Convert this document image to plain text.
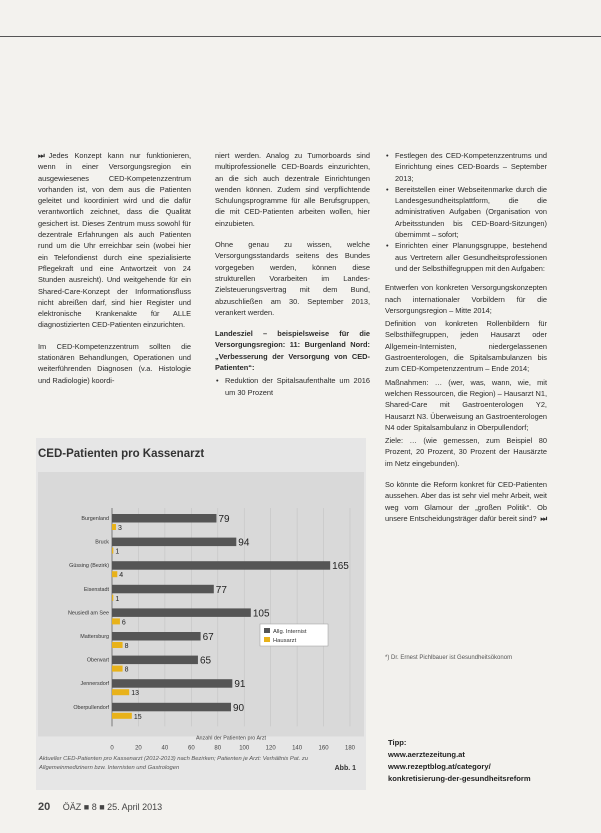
⏭ Jedes Konzept kann nur funktionieren, wenn in einer Versorgungsregion ein ausgewiesenes CED-Kompetenzzentrum vorhanden ist, von dem aus die Patienten geleitet und koordiniert wird und die dafür verantwortlich zeichnet, dass die Qualität gesichert ist. Dieses Zentrum muss sowohl für dezentrale Erfahrungen als auch Patienten rund um die Uhr erreichbar sein (wobei hier ein Telefondienst durch eine spezialisierte Pflegekraft und eine Antwortzeit von 24 Stunden ausreicht). Und weitgehende für ein Shared-Care-Konzept der Informationsfluss nicht abreißen darf, sind hier Register und elektronische Krankenakte für ALLE diagnostizierten CED-Patienten einzurichten.

Im CED-Kompetenzzentrum sollten die stationären Behandlungen, Operationen und weiterführenden Diagnosen (v.a. Histologie und Radiologie) koordi-

niert werden. Analog zu Tumorboards sind multiprofessionelle CED-Boards einzurichten, an die sich auch dezentrale Einrichtungen wenden können. Zudem sind verpflichtende Schulungsprogramme für alle Berufsgruppen, die mit CED-Patienten arbeiten wollen, hier einzubieten.

Ohne genau zu wissen, welche Versorgungsstandards seitens des Bundes vorgegeben werden, können diese strukturellen Vorarbeiten im Landes-Zielsteuerungsvertrag mit dem Bund, abzuschließen am 30. September 2013, verankert werden.

Landesziel – beispielsweise für die Versorgungsregion: 11: Burgenland Nord: „Verbesserung der Versorgung von CED-Patienten“:

• Reduktion der Spitalsaufenthalte um 2016 um 30 Prozent
• Festlegen des CED-Kompetenzzentrums und Einrichtung eines CED-Boards – September 2013;
• Bereitstellen einer Webseitenmarke durch die Landesgesundheitsplattform, die die administrativen Aufgaben (Organisation von Arbeitsstunden bis CED-Board-Sitzungen) übernimmt – sofort;
• Einrichten einer Planungsgruppe, bestehend aus Vertretern aller Gesundheitsprofessionen und der Selbsthilfegruppen mit den Aufgaben:

Entwerfen von konkreten Versorgungskonzepten nach internationaler Vorbildern für die Versorgungsregion – Mitte 2014;

Definition von konkreten Rollenbildern für Selbsthilfegruppen, jeden Hausarzt oder Allgemein-Internisten, niedergelassenen Gastroenterologen, die Spitalsambulanzen bis zum CED-Kompetenzzentrum – Ende 2014;

Maßnahmen: … (wer, was, wann, wie, mit welchen Ressourcen, die Region) – Hausarzt N1, Shared-Care mit Gastroenterologen Y2, Hausarzt N3. Überweisung an Gastroenterologen N4 oder Spitalsambulanz in Oberpullendorf;

Ziele: … (wie gemessen, zum Beispiel 80 Prozent, 20 Prozent, 30 Prozent der Hausärzte im Netz eingebunden).

So könnte die Reform konkret für CED-Patienten aussehen. Aber das ist sehr viel mehr Arbeit, weit weg vom Glamour der „großen Politik“. Ob unsere Entscheidungsträger dafür bereit sind? ⏭

*) Dr. Ernest Pichlbauer ist Gesundheitsökonom
Tipp:
www.aerztezeitung.at
www.rezeptblog.at/category/
konkretisierung-der-gesundheitsreform
20 ÖÄZ ■ 8 ■ 25. April 2013
CED-Patienten pro Kassenarzt
0	20	40	60	80	100	120	140	160	180
Burgenland	79
3
Bruck	94
1
Güssing (Bezirk)	165
4
Eisenstadt	77
1
Neusiedl am See	105
6
Mattersburg	67
8
Oberwart	65
8
Jennersdorf	91
13
Oberpullendorf	90
15
Anzahl der Patienten pro Arzt
Allg. Internist
Hausarzt
Aktueller CED-Patienten pro Kassenarzt (2012-2013) nach Bezirken; Patienten je Arzt: Verhältnis Pat. zu Allgemeinmedizinern bzw. Internisten und Gastrologen	Abb. 1
